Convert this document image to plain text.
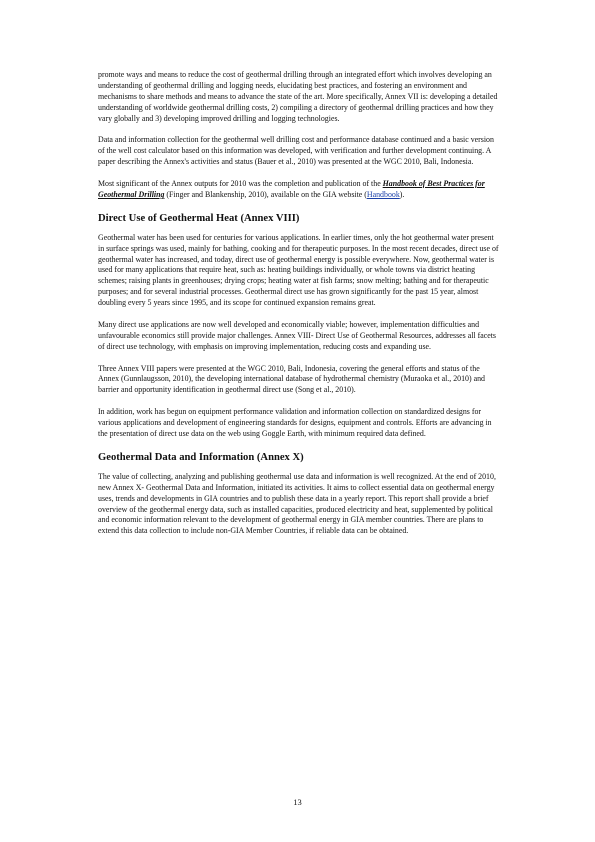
promote ways and means to reduce the cost of geothermal drilling through an integrated effort which involves developing an understanding of geothermal drilling and logging needs, elucidating best practices, and fostering an environment and mechanisms to share methods and means to advance the state of the art. More specifically, Annex VII is: developing a detailed understanding of worldwide geothermal drilling costs, 2) compiling a directory of geothermal drilling practices and how they vary globally and 3) developing improved drilling and logging technologies.

Data and information collection for the geothermal well drilling cost and performance database continued and a basic version of the well cost calculator based on this information was developed, with verification and further development continuing. A paper describing the Annex's activities and status (Bauer et al., 2010) was presented at the WGC 2010, Bali, Indonesia.

Most significant of the Annex outputs for 2010 was the completion and publication of the Handbook of Best Practices for Geothermal Drilling (Finger and Blankenship, 2010), available on the GIA website (Handbook).

Direct Use of Geothermal Heat (Annex VIII)

Geothermal water has been used for centuries for various applications. In earlier times, only the hot geothermal water present in surface springs was used, mainly for bathing, cooking and for therapeutic purposes. In the most recent decades, direct use of geothermal water has increased, and today, direct use of geothermal energy is possible everywhere. Now, geothermal water is used for many applications that require heat, such as: heating buildings individually, or whole towns via district heating schemes; raising plants in greenhouses; drying crops; heating water at fish farms; snow melting; bathing and for therapeutic purposes; and for several industrial processes. Geothermal direct use has grown significantly for the past 15 year, almost doubling every 5 years since 1995, and its scope for continued expansion remains great.

Many direct use applications are now well developed and economically viable; however, implementation difficulties and unfavourable economics still provide major challenges. Annex VIII- Direct Use of Geothermal Resources, addresses all facets of direct use technology, with emphasis on improving implementation, reducing costs and expanding use.

Three Annex VIII papers were presented at the WGC 2010, Bali, Indonesia, covering the general efforts and status of the Annex (Gunnlaugsson, 2010), the developing international database of hydrothermal chemistry (Muraoka et al., 2010) and barrier and opportunity identification in geothermal direct use (Song et al., 2010).

In addition, work has begun on equipment performance validation and information collection on standardized designs for various applications and development of engineering standards for designs, equipment and controls. Efforts are advancing in the presentation of direct use data on the web using Goggle Earth, with minimum required data defined.

Geothermal Data and Information (Annex X)

The value of collecting, analyzing and publishing geothermal use data and information is well recognized. At the end of 2010, new Annex X- Geothermal Data and Information, initiated its activities. It aims to collect essential data on geothermal energy uses, trends and developments in GIA countries and to publish these data in a yearly report. This report shall provide a brief overview of the geothermal energy data, such as installed capacities, produced electricity and heat, supplemented by political and economic information relevant to the development of geothermal energy in GIA member countries. There are plans to extend this data collection to include non-GIA Member Countries, if reliable data can be obtained.

13
